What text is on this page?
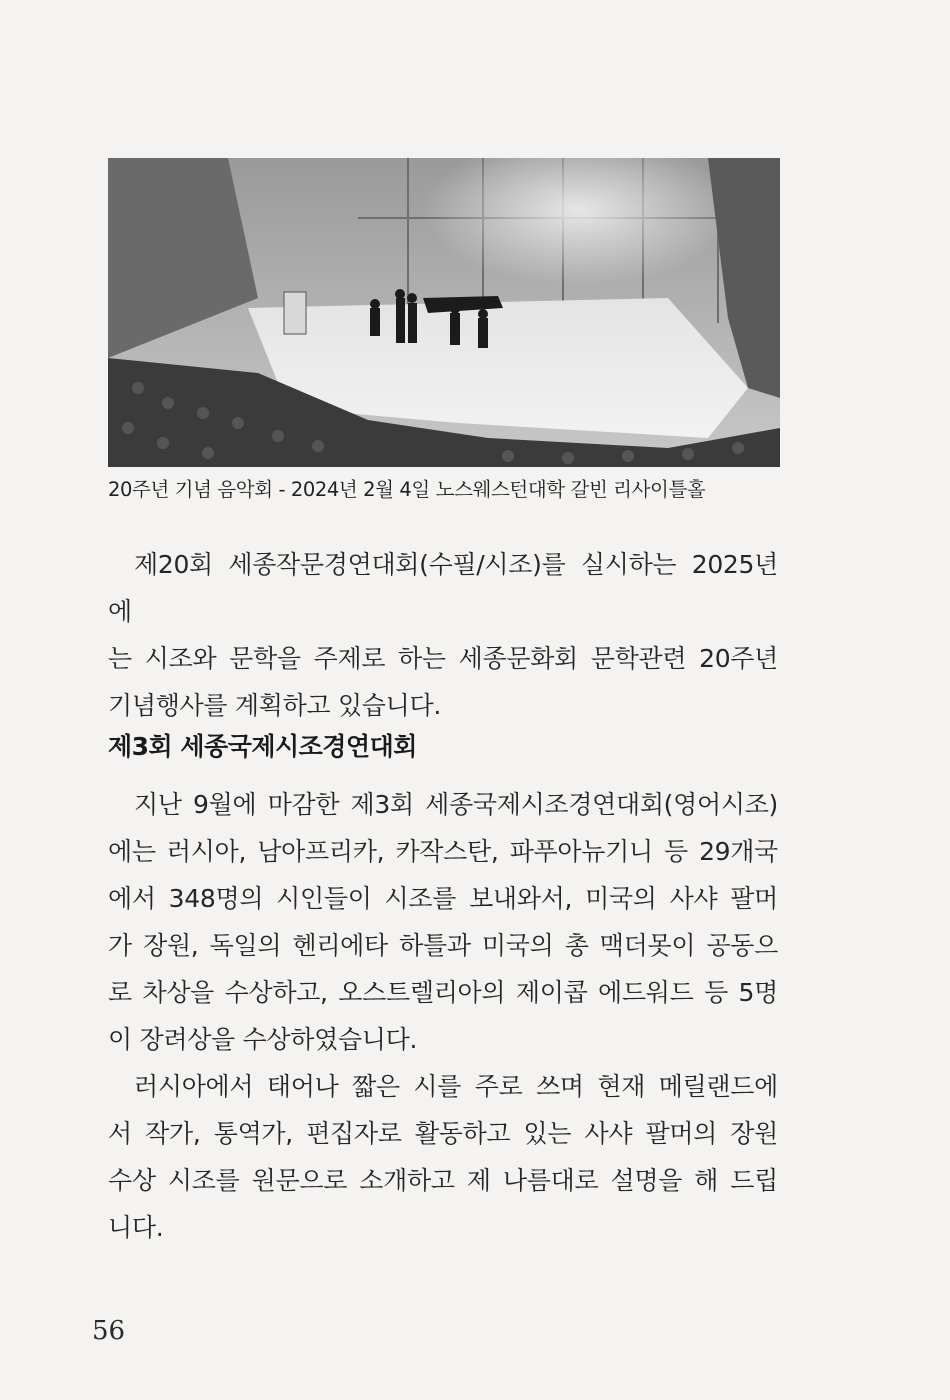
20주년 기념 음악회 - 2024년 2월 4일 노스웨스턴대학 갈빈 리사이틀홀

제20회 세종작문경연대회(수필/시조)를 실시하는 2025년에

는 시조와 문학을 주제로 하는 세종문화회 문학관련 20주년

기념행사를 계획하고 있습니다.

제3회 세종국제시조경연대회

지난 9월에 마감한 제3회 세종국제시조경연대회(영어시조)

에는 러시아, 남아프리카, 카작스탄, 파푸아뉴기니 등 29개국

에서 348명의 시인들이 시조를 보내와서, 미국의 사샤 팔머

가 장원, 독일의 헨리에타 하틀과 미국의 총 맥더못이 공동으

로 차상을 수상하고, 오스트렐리아의 제이콥 에드워드 등 5명

이 장려상을 수상하였습니다.

러시아에서 태어나 짧은 시를 주로 쓰며 현재 메릴랜드에

서 작가, 통역가, 편집자로 활동하고 있는 사샤 팔머의 장원

수상 시조를 원문으로 소개하고 제 나름대로 설명을 해 드립

니다.

56
